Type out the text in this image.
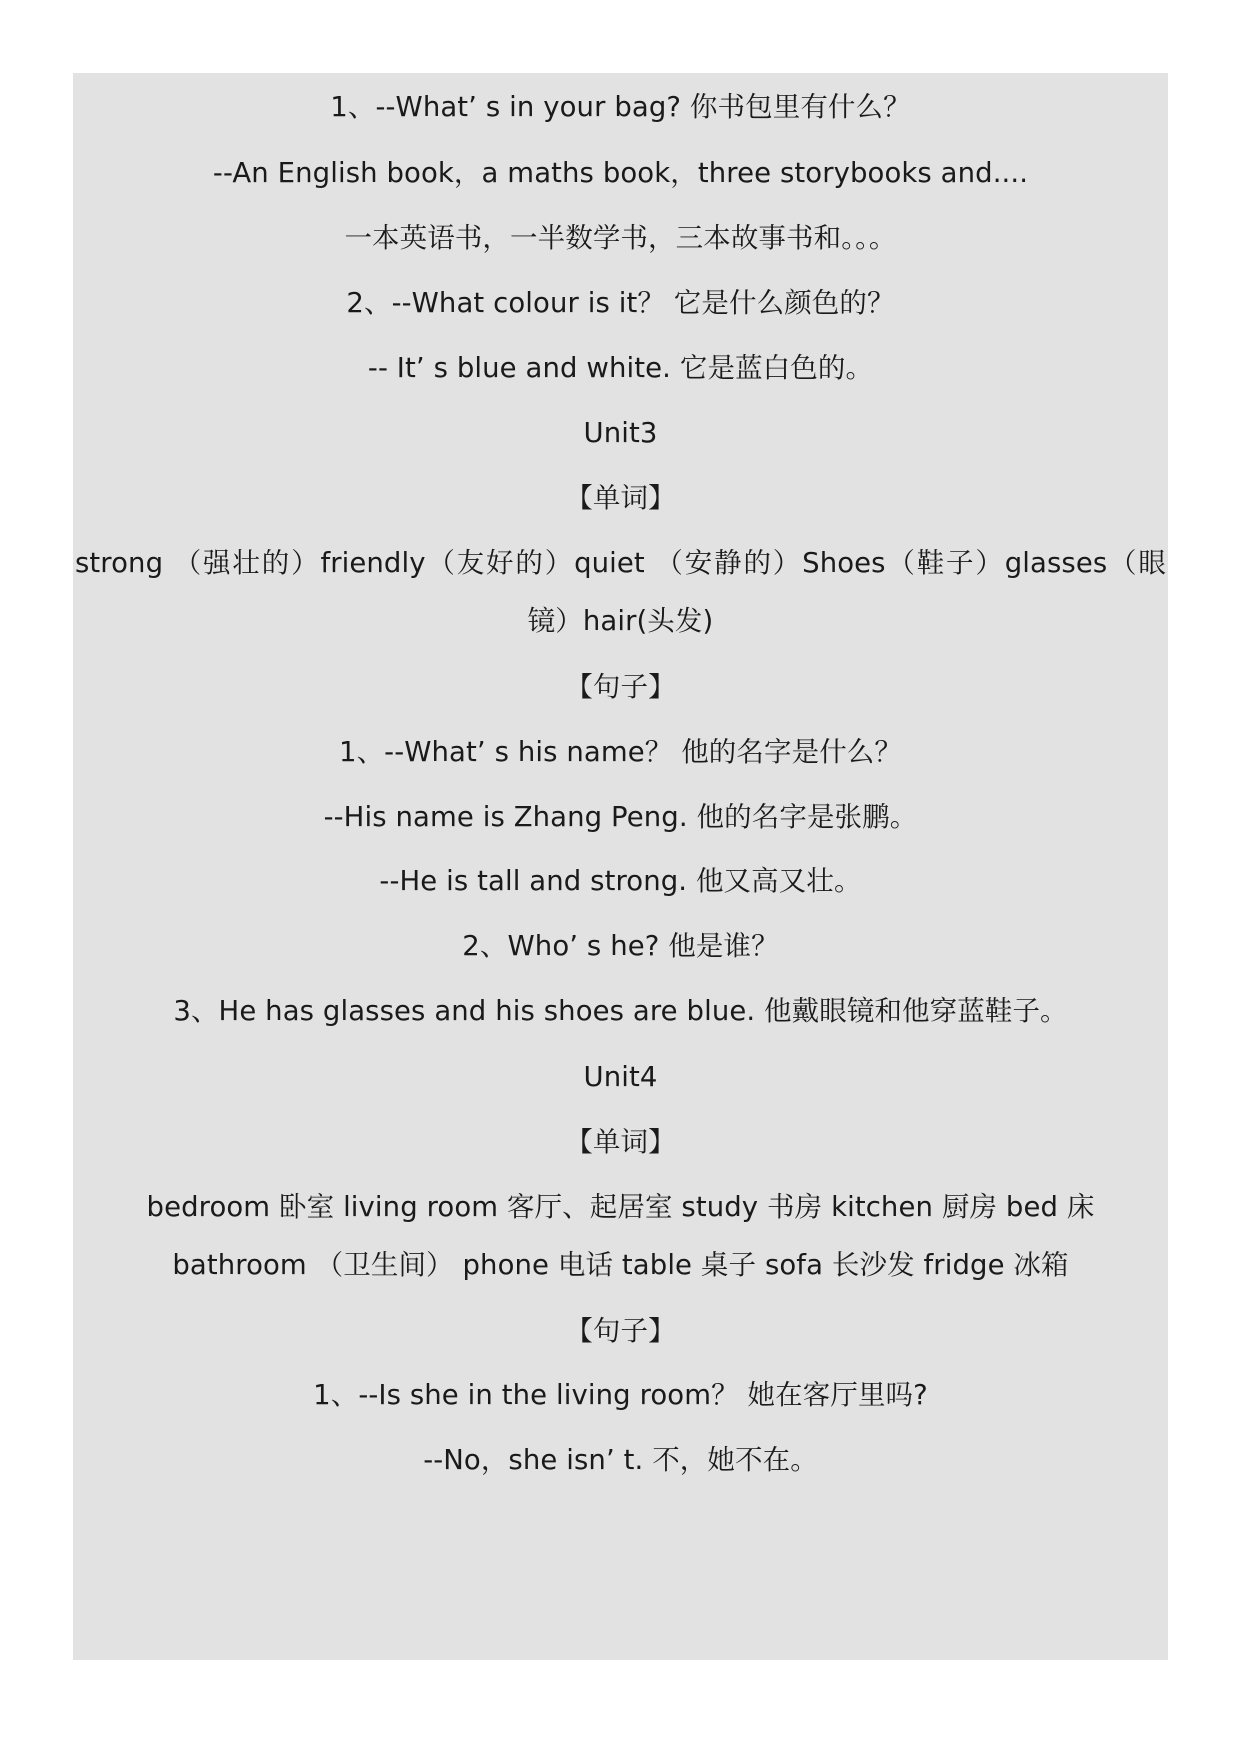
1、--What’ s in your bag? 你书包里有什么？
--An English book，a maths book，three storybooks and....
一本英语书，一半数学书，三本故事书和。。。
2、--What colour is it？ 它是什么颜色的？
-- It’ s blue and white. 它是蓝白色的。
Unit3
【单词】
strong （强壮的）friendly（友好的）quiet （安静的）Shoes（鞋子）glasses（眼
镜）hair(头发)
【句子】
1、--What’ s his name？ 他的名字是什么？
--His name is Zhang Peng. 他的名字是张鹏。
--He is tall and strong. 他又高又壮。
2、Who’ s he? 他是谁？
3、He has glasses and his shoes are blue. 他戴眼镜和他穿蓝鞋子。
Unit4
【单词】
bedroom 卧室 living room 客厅、起居室 study 书房 kitchen 厨房 bed 床
bathroom （卫生间） phone 电话 table 桌子 sofa 长沙发 fridge 冰箱
【句子】
1、--Is she in the living room？ 她在客厅里吗?
--No，she isn’ t. 不，她不在。
